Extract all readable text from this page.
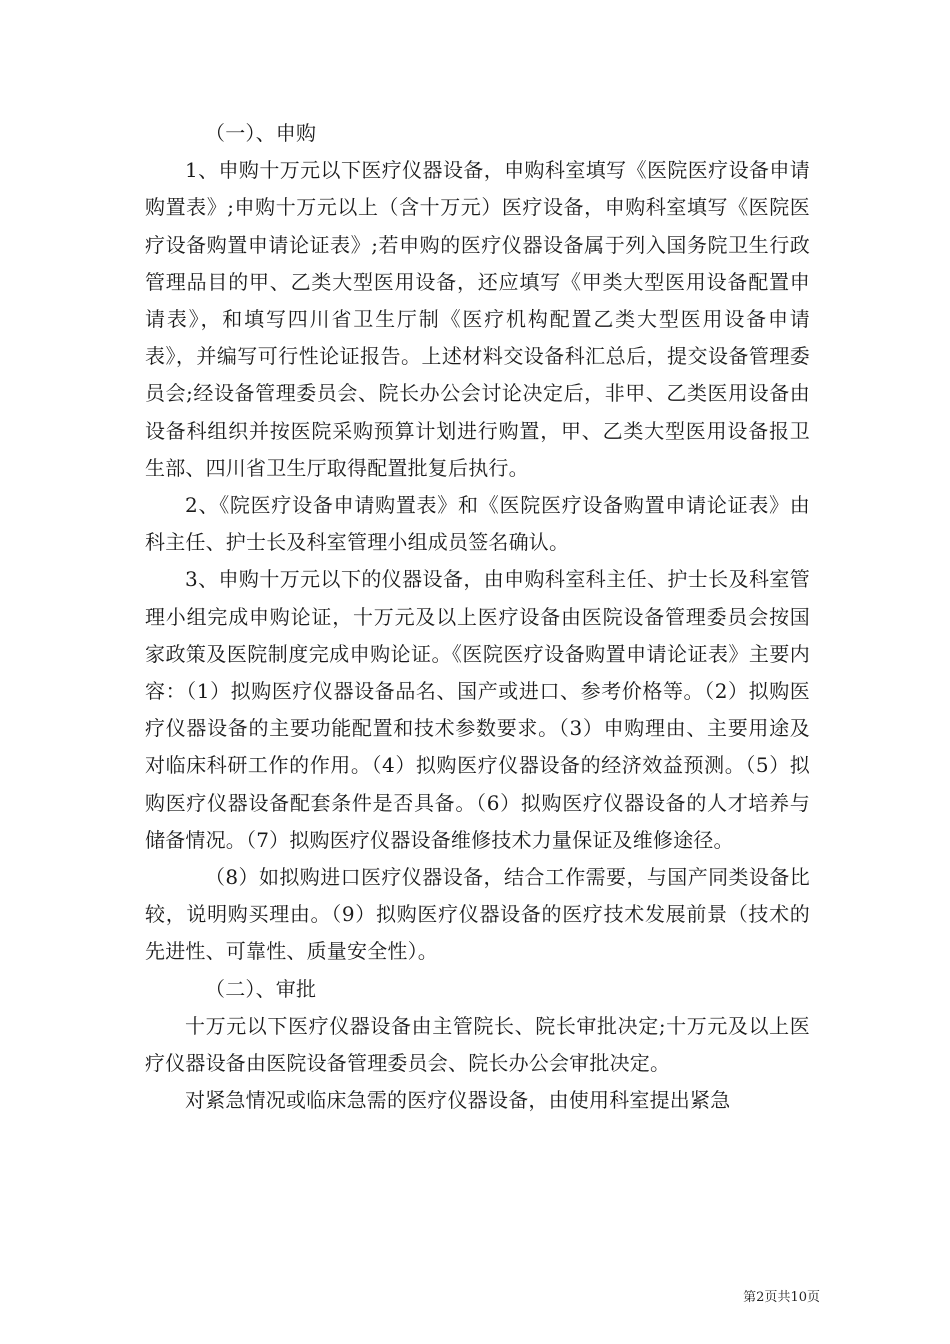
（一）、申购

1、申购十万元以下医疗仪器设备，申购科室填写《医院医疗设备申请购置表》;申购十万元以上（含十万元）医疗设备，申购科室填写《医院医疗设备购置申请论证表》;若申购的医疗仪器设备属于列入国务院卫生行政管理品目的甲、乙类大型医用设备，还应填写《甲类大型医用设备配置申请表》，和填写四川省卫生厅制《医疗机构配置乙类大型医用设备申请表》，并编写可行性论证报告。上述材料交设备科汇总后，提交设备管理委员会;经设备管理委员会、院长办公会讨论决定后，非甲、乙类医用设备由设备科组织并按医院采购预算计划进行购置，甲、乙类大型医用设备报卫生部、四川省卫生厅取得配置批复后执行。

2、《院医疗设备申请购置表》和《医院医疗设备购置申请论证表》由科主任、护士长及科室管理小组成员签名确认。

3、申购十万元以下的仪器设备，由申购科室科主任、护士长及科室管理小组完成申购论证，十万元及以上医疗设备由医院设备管理委员会按国家政策及医院制度完成申购论证。《医院医疗设备购置申请论证表》主要内容：（1）拟购医疗仪器设备品名、国产或进口、参考价格等。（2）拟购医疗仪器设备的主要功能配置和技术参数要求。（3）申购理由、主要用途及对临床科研工作的作用。（4）拟购医疗仪器设备的经济效益预测。（5）拟购医疗仪器设备配套条件是否具备。（6）拟购医疗仪器设备的人才培养与储备情况。（7）拟购医疗仪器设备维修技术力量保证及维修途径。

（8）如拟购进口医疗仪器设备，结合工作需要，与国产同类设备比较，说明购买理由。（9）拟购医疗仪器设备的医疗技术发展前景（技术的先进性、可靠性、质量安全性）。

（二）、审批

十万元以下医疗仪器设备由主管院长、院长审批决定;十万元及以上医疗仪器设备由医院设备管理委员会、院长办公会审批决定。

对紧急情况或临床急需的医疗仪器设备，由使用科室提出紧急

第2页共10页
